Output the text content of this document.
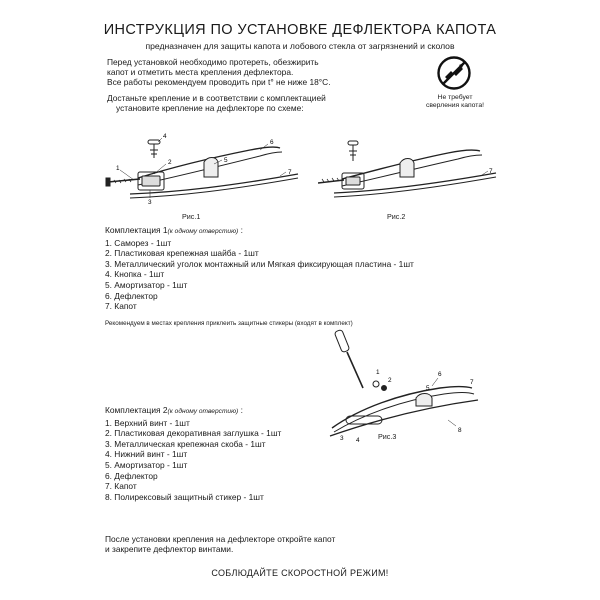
ИНСТРУКЦИЯ ПО УСТАНОВКЕ ДЕФЛЕКТОРА КАПОТА
предназначен для защиты капота и лобового стекла от загрязнений и сколов

Перед установкой необходимо протереть, обезжирить

капот и отметить места крепления дефлектора.

Все работы рекомендуем проводить при t° не ниже 18°С.

Достаньте крепление и в соответствии с комплектацией

установите крепление на дефлекторе по схеме:

Не требует
сверления капота!
1
2
3
4
5
6
7
Рис.1
7
Рис.2

Комплектация 1(к одному отверстию) :

1. Саморез - 1шт
2. Пластиковая крепежная шайба - 1шт
3. Металлический уголок монтажный или Мягкая фиксирующая пластина - 1шт
4. Кнопка - 1шт
5. Амортизатор - 1шт
6. Дефлектор
7. Капот
Рекомендуем в местах крепления приклеить защитные стикеры (входят в комплект)
1
2
3 4
5
6
7
8
Рис.3

Комплектация 2(к одному отверстию) :

1. Верхний винт - 1шт
2. Пластиковая декоративная заглушка - 1шт
3. Металлическая крепежная скоба - 1шт
4. Нижний винт - 1шт
5. Амортизатор - 1шт
6. Дефлектор
7. Капот
8. Полирексовый защитный стикер - 1шт

После установки крепления на дефлекторе откройте капот

и закрепите дефлектор винтами.

СОБЛЮДАЙТЕ СКОРОСТНОЙ РЕЖИМ!
